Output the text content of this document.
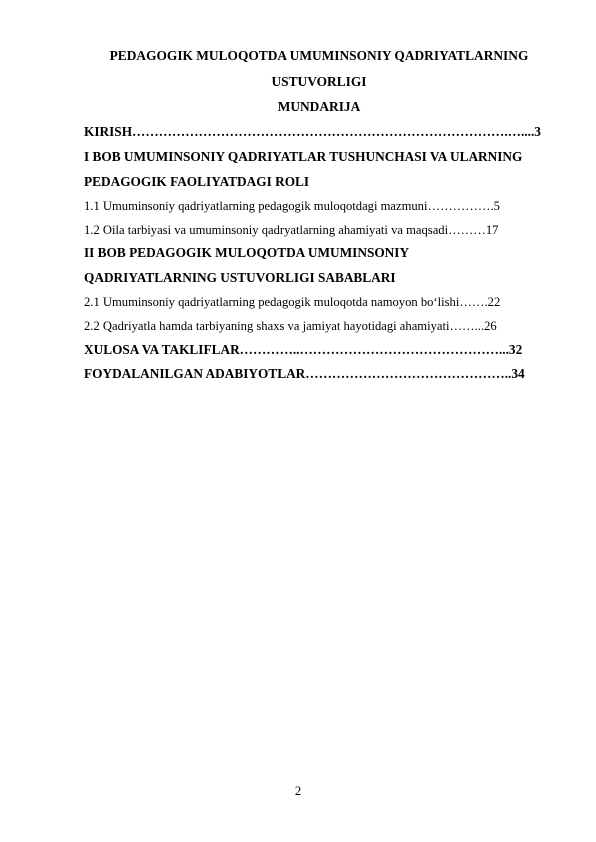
PEDAGOGIK MULOQOTDA UMUMINSONIY QADRIYATLARNING
USTUVORLIGI
MUNDARIJA
KIRISH………………………………………………………………………….…....3
I BOB UMUMINSONIY QADRIYATLAR TUSHUNCHASI VA ULARNING
PEDAGOGIK FAOLIYATDAGI ROLI
1.1 Umuminsoniy qadriyatlarning pedagogik muloqotdagi mazmuni…………….5
1.2 Oila tarbiyasi va umuminsoniy qadryatlarning ahamiyati va maqsadi………17
II BOB PEDAGOGIK MULOQOTDA UMUMINSONIY
QADRIYATLARNING USTUVORLIGI SABABLARI
2.1 Umuminsoniy qadriyatlarning pedagogik muloqotda namoyon bo‘lishi…….22
2.2 Qadriyatla hamda tarbiyaning shaxs va jamiyat hayotidagi ahamiyati……...26
XULOSA VA TAKLIFLAR…………..………………………………………...32
FOYDALANILGAN ADABIYOTLAR………………………………………..34
2
